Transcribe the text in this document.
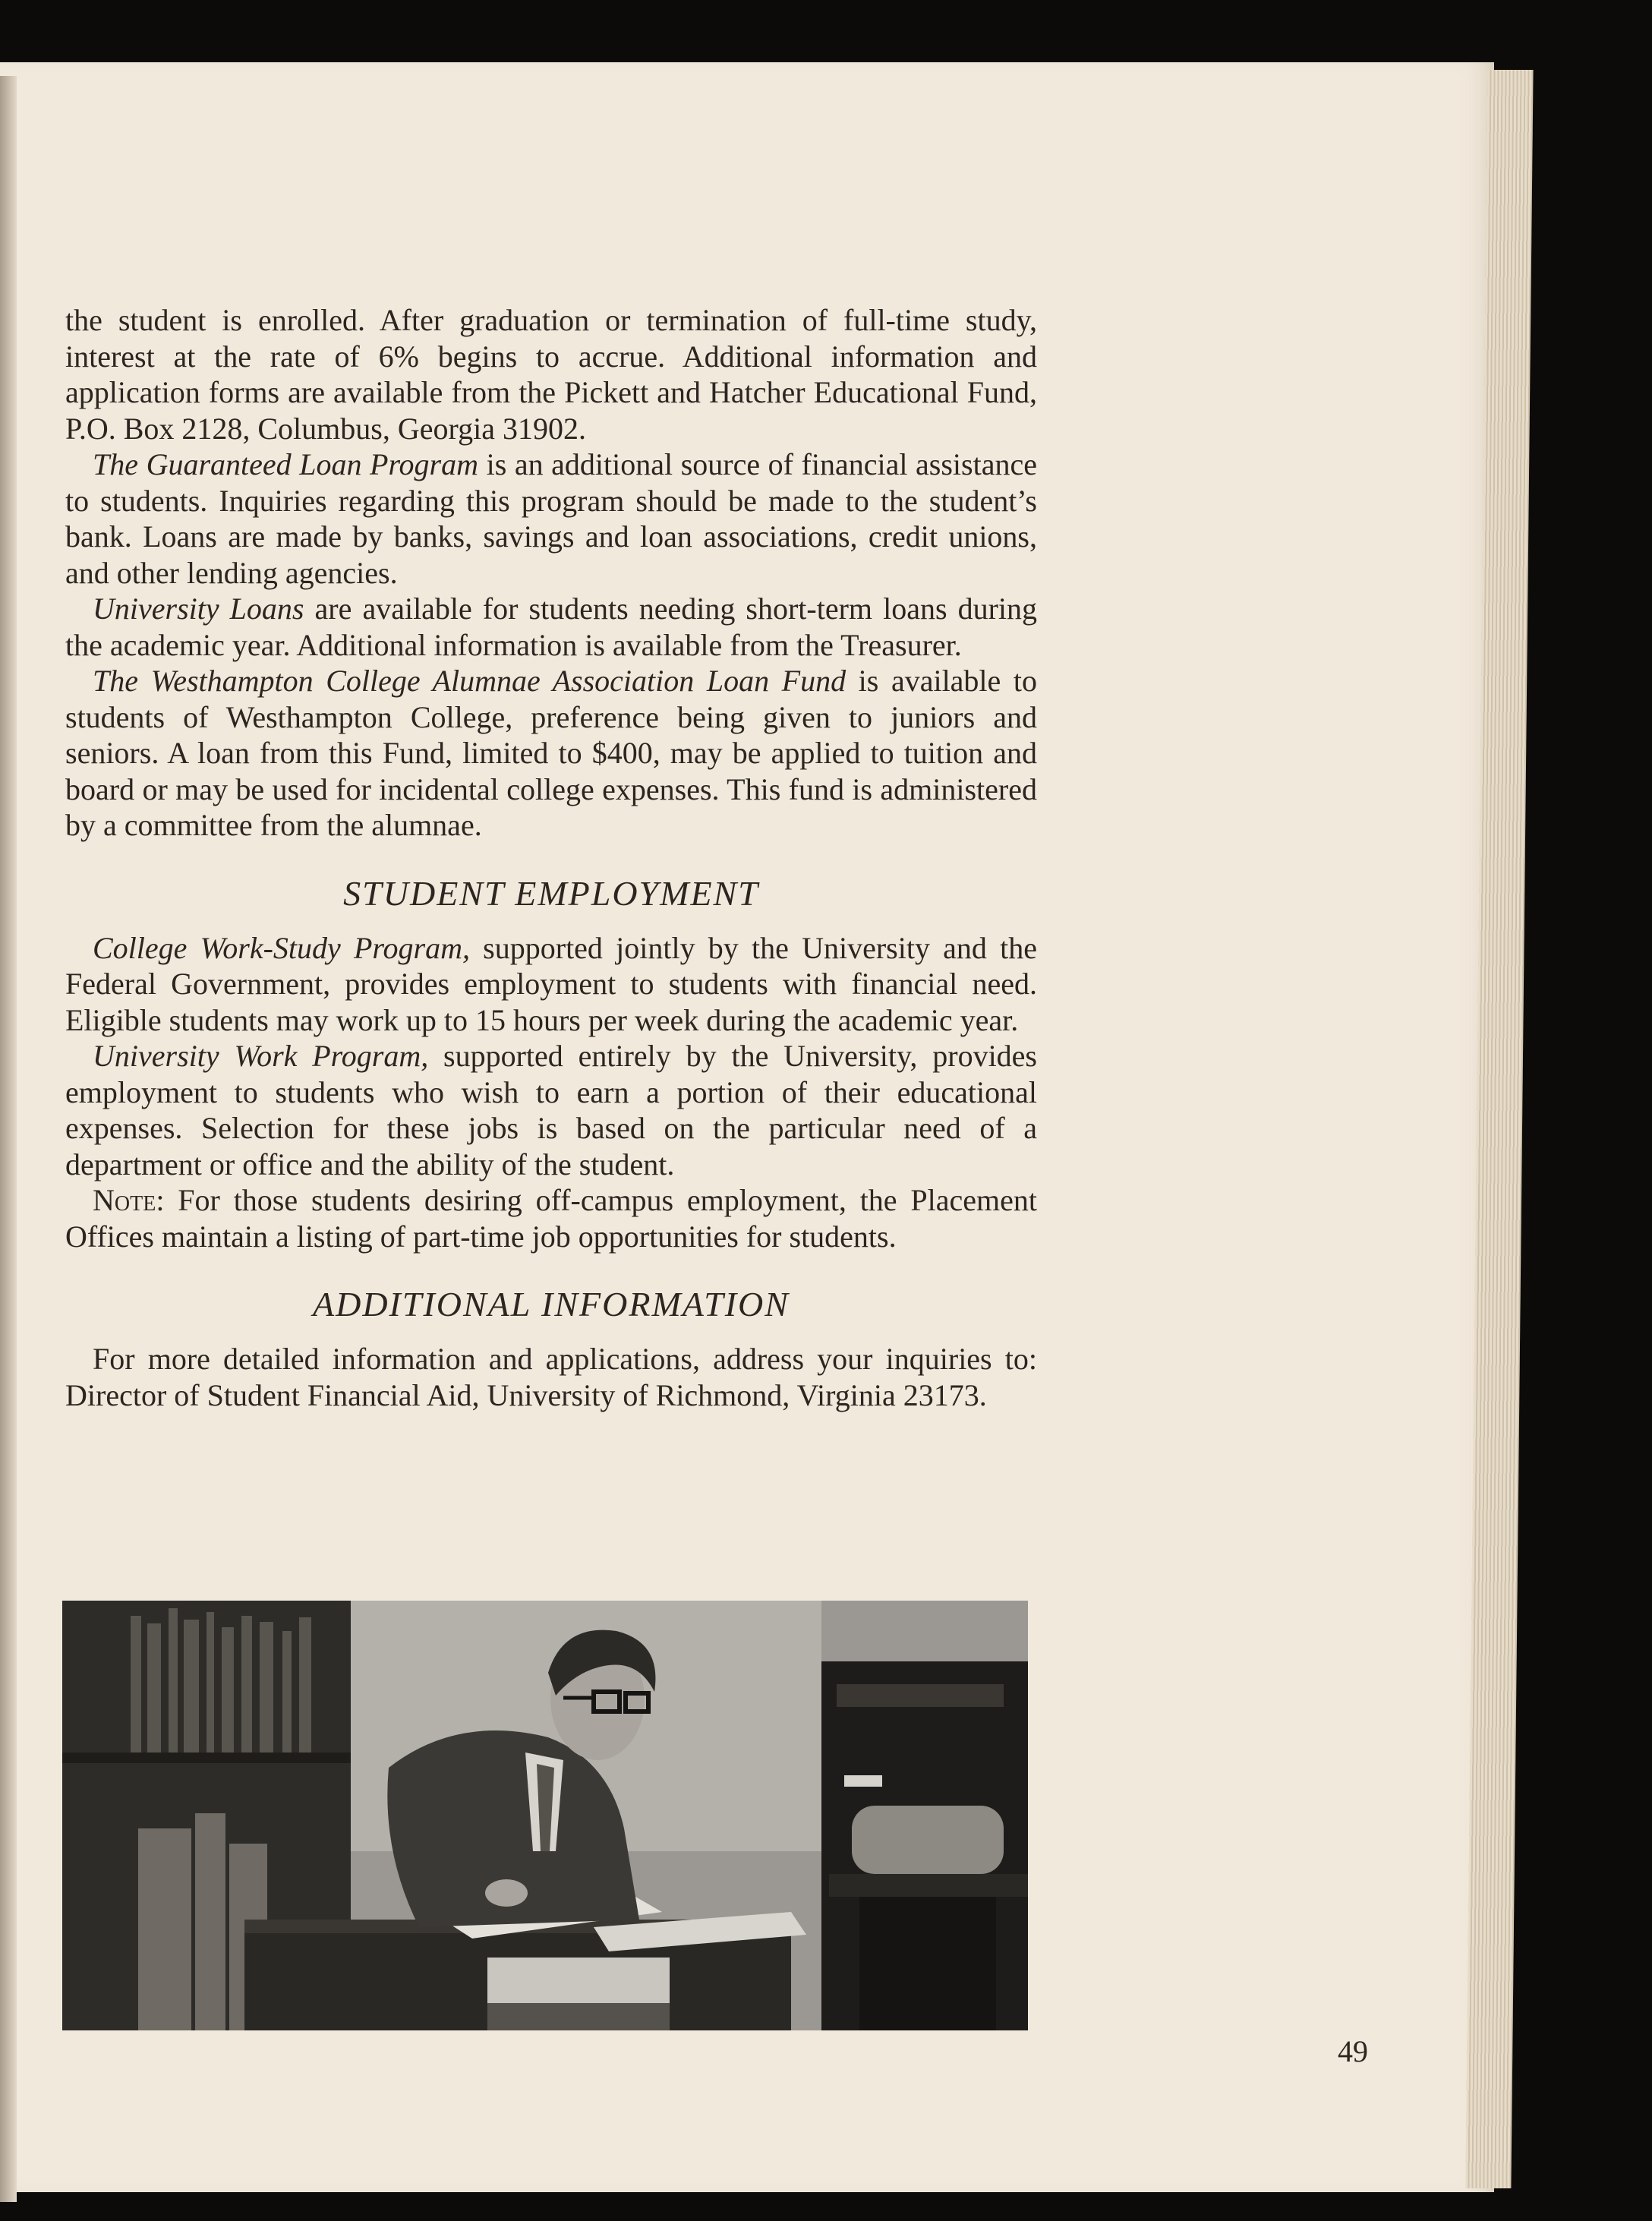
the student is enrolled. After graduation or termination of full-time study, interest at the rate of 6% begins to accrue. Additional information and application forms are available from the Pickett and Hatcher Educational Fund, P.O. Box 2128, Columbus, Georgia 31902.

The Guaranteed Loan Program is an additional source of financial assistance to students. Inquiries regarding this program should be made to the student’s bank. Loans are made by banks, savings and loan associations, credit unions, and other lending agencies.

University Loans are available for students needing short-term loans during the academic year. Additional information is available from the Treasurer.

The Westhampton College Alumnae Association Loan Fund is available to students of Westhampton College, preference being given to juniors and seniors. A loan from this Fund, limited to $400, may be applied to tuition and board or may be used for incidental college expenses. This fund is administered by a committee from the alumnae.

STUDENT EMPLOYMENT

College Work-Study Program, supported jointly by the University and the Federal Government, provides employment to students with financial need. Eligible students may work up to 15 hours per week during the academic year.

University Work Program, supported entirely by the University, provides employment to students who wish to earn a portion of their educational expenses. Selection for these jobs is based on the particular need of a department or office and the ability of the student.

Note: For those students desiring off-campus employment, the Placement Offices maintain a listing of part-time job opportunities for students.

ADDITIONAL INFORMATION

For more detailed information and applications, address your inquiries to: Director of Student Financial Aid, University of Richmond, Virginia 23173.

49
